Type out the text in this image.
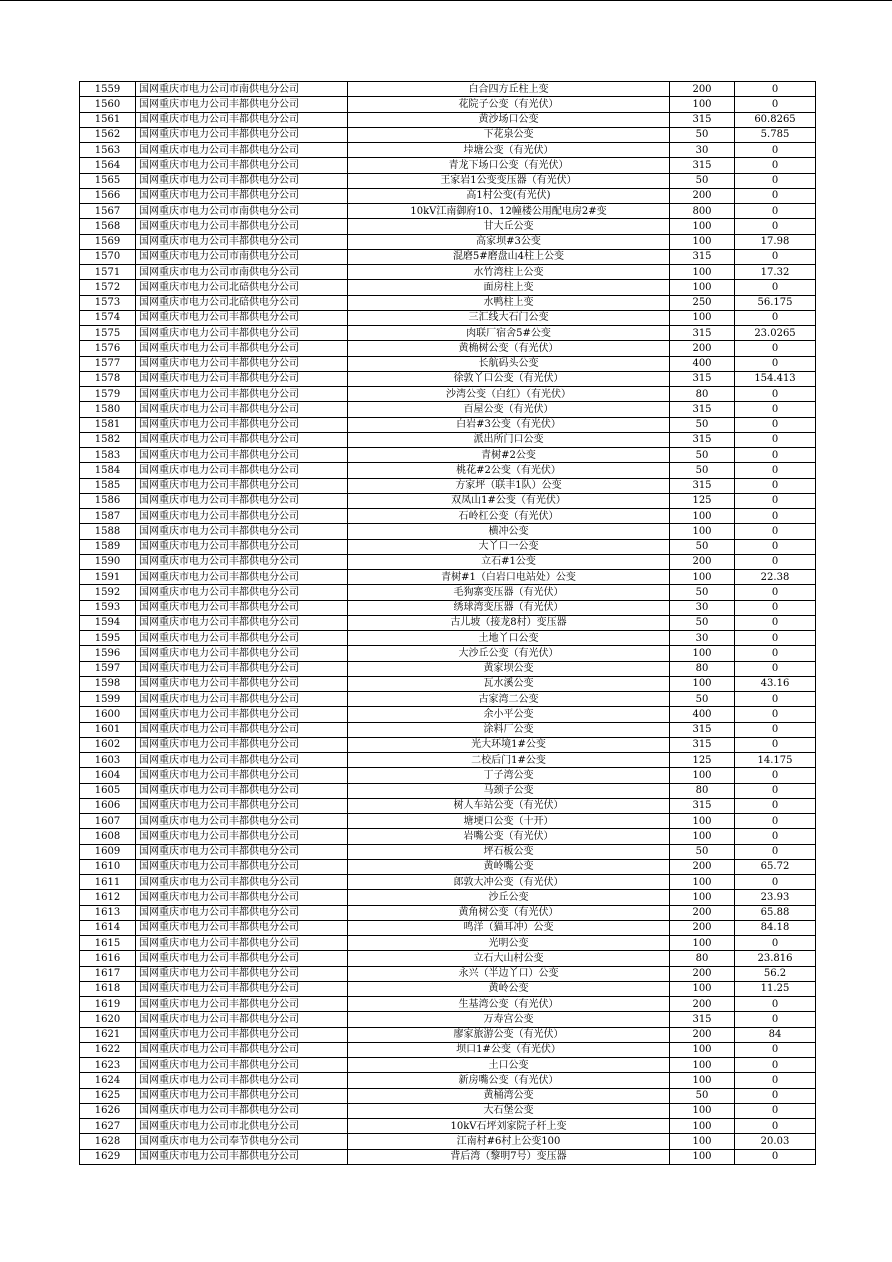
1559	国网重庆市电力公司市南供电分公司	白合四方丘柱上变	200	0
1560	国网重庆市电力公司丰都供电分公司	花院子公变（有光伏）	100	0
1561	国网重庆市电力公司丰都供电分公司	黄沙场口公变	315	60.8265
1562	国网重庆市电力公司丰都供电分公司	下花泉公变	50	5.785
1563	国网重庆市电力公司丰都供电分公司	垰塘公变（有光伏）	30	0
1564	国网重庆市电力公司丰都供电分公司	青龙下场口公变（有光伏）	315	0
1565	国网重庆市电力公司丰都供电分公司	王家岩1公变变压器（有光伏）	50	0
1566	国网重庆市电力公司丰都供电分公司	高1村公变(有光伏)	200	0
1567	国网重庆市电力公司市南供电分公司	10kV江南御府10、12幢楼公用配电房2#变	800	0
1568	国网重庆市电力公司丰都供电分公司	甘大丘公变	100	0
1569	国网重庆市电力公司丰都供电分公司	高家坝#3公变	100	17.98
1570	国网重庆市电力公司市南供电分公司	混磨5#磨盘山4柱上公变	315	0
1571	国网重庆市电力公司市南供电分公司	水竹湾柱上公变	100	17.32
1572	国网重庆市电力公司北碚供电分公司	面房柱上变	100	0
1573	国网重庆市电力公司北碚供电分公司	水鸭柱上变	250	56.175
1574	国网重庆市电力公司丰都供电分公司	三汇线大石门公变	100	0
1575	国网重庆市电力公司丰都供电分公司	肉联厂宿舍5#公变	315	23.0265
1576	国网重庆市电力公司丰都供电分公司	黄桷树公变（有光伏）	200	0
1577	国网重庆市电力公司丰都供电分公司	长航码头公变	400	0
1578	国网重庆市电力公司丰都供电分公司	徐敦丫口公变（有光伏）	315	154.413
1579	国网重庆市电力公司丰都供电分公司	沙湾公变（白红）（有光伏）	80	0
1580	国网重庆市电力公司丰都供电分公司	百屋公变（有光伏）	315	0
1581	国网重庆市电力公司丰都供电分公司	白岩#3公变（有光伏）	50	0
1582	国网重庆市电力公司丰都供电分公司	派出所门口公变	315	0
1583	国网重庆市电力公司丰都供电分公司	青树#2公变	50	0
1584	国网重庆市电力公司丰都供电分公司	桃花#2公变（有光伏）	50	0
1585	国网重庆市电力公司丰都供电分公司	方家坪（联丰1队）公变	315	0
1586	国网重庆市电力公司丰都供电分公司	双凤山1#公变（有光伏）	125	0
1587	国网重庆市电力公司丰都供电分公司	石岭杠公变（有光伏）	100	0
1588	国网重庆市电力公司丰都供电分公司	横冲公变	100	0
1589	国网重庆市电力公司丰都供电分公司	大丫口一公变	50	0
1590	国网重庆市电力公司丰都供电分公司	立石#1公变	200	0
1591	国网重庆市电力公司丰都供电分公司	青树#1（白岩口电站处）公变	100	22.38
1592	国网重庆市电力公司丰都供电分公司	毛狗寨变压器（有光伏）	50	0
1593	国网重庆市电力公司丰都供电分公司	绣球湾变压器（有光伏）	30	0
1594	国网重庆市电力公司丰都供电分公司	古儿坡（接龙8村）变压器	50	0
1595	国网重庆市电力公司丰都供电分公司	土地丫口公变	30	0
1596	国网重庆市电力公司丰都供电分公司	大沙丘公变（有光伏）	100	0
1597	国网重庆市电力公司丰都供电分公司	黄家坝公变	80	0
1598	国网重庆市电力公司丰都供电分公司	瓦水溪公变	100	43.16
1599	国网重庆市电力公司丰都供电分公司	古家湾二公变	50	0
1600	国网重庆市电力公司丰都供电分公司	余小平公变	400	0
1601	国网重庆市电力公司丰都供电分公司	涂料厂公变	315	0
1602	国网重庆市电力公司丰都供电分公司	光大环境1#公变	315	0
1603	国网重庆市电力公司丰都供电分公司	二校后门1#公变	125	14.175
1604	国网重庆市电力公司丰都供电分公司	丁子湾公变	100	0
1605	国网重庆市电力公司丰都供电分公司	马颈子公变	80	0
1606	国网重庆市电力公司丰都供电分公司	树人车站公变（有光伏）	315	0
1607	国网重庆市电力公司丰都供电分公司	塘埂口公变（十开）	100	0
1608	国网重庆市电力公司丰都供电分公司	岩嘴公变（有光伏）	100	0
1609	国网重庆市电力公司丰都供电分公司	坪石板公变	50	0
1610	国网重庆市电力公司丰都供电分公司	黄岭嘴公变	200	65.72
1611	国网重庆市电力公司丰都供电分公司	郎敦大冲公变（有光伏）	100	0
1612	国网重庆市电力公司丰都供电分公司	沙丘公变	100	23.93
1613	国网重庆市电力公司丰都供电分公司	黄角树公变（有光伏）	200	65.88
1614	国网重庆市电力公司丰都供电分公司	鸣洋（猫耳冲）公变	200	84.18
1615	国网重庆市电力公司丰都供电分公司	光明公变	100	0
1616	国网重庆市电力公司丰都供电分公司	立石大山村公变	80	23.816
1617	国网重庆市电力公司丰都供电分公司	永兴（半边丫口）公变	200	56.2
1618	国网重庆市电力公司丰都供电分公司	黄岭公变	100	11.25
1619	国网重庆市电力公司丰都供电分公司	生基湾公变（有光伏）	200	0
1620	国网重庆市电力公司丰都供电分公司	万寿宫公变	315	0
1621	国网重庆市电力公司丰都供电分公司	廖家旅游公变（有光伏）	200	84
1622	国网重庆市电力公司丰都供电分公司	坝口1#公变（有光伏）	100	0
1623	国网重庆市电力公司丰都供电分公司	土口公变	100	0
1624	国网重庆市电力公司丰都供电分公司	新房嘴公变（有光伏）	100	0
1625	国网重庆市电力公司丰都供电分公司	黄桶湾公变	50	0
1626	国网重庆市电力公司丰都供电分公司	大石堡公变	100	0
1627	国网重庆市电力公司市北供电分公司	10kV石坪刘家院子杆上变	100	0
1628	国网重庆市电力公司奉节供电分公司	江南村#6村上公变100	100	20.03
1629	国网重庆市电力公司丰都供电分公司	背后湾（黎明7号）变压器	100	0
